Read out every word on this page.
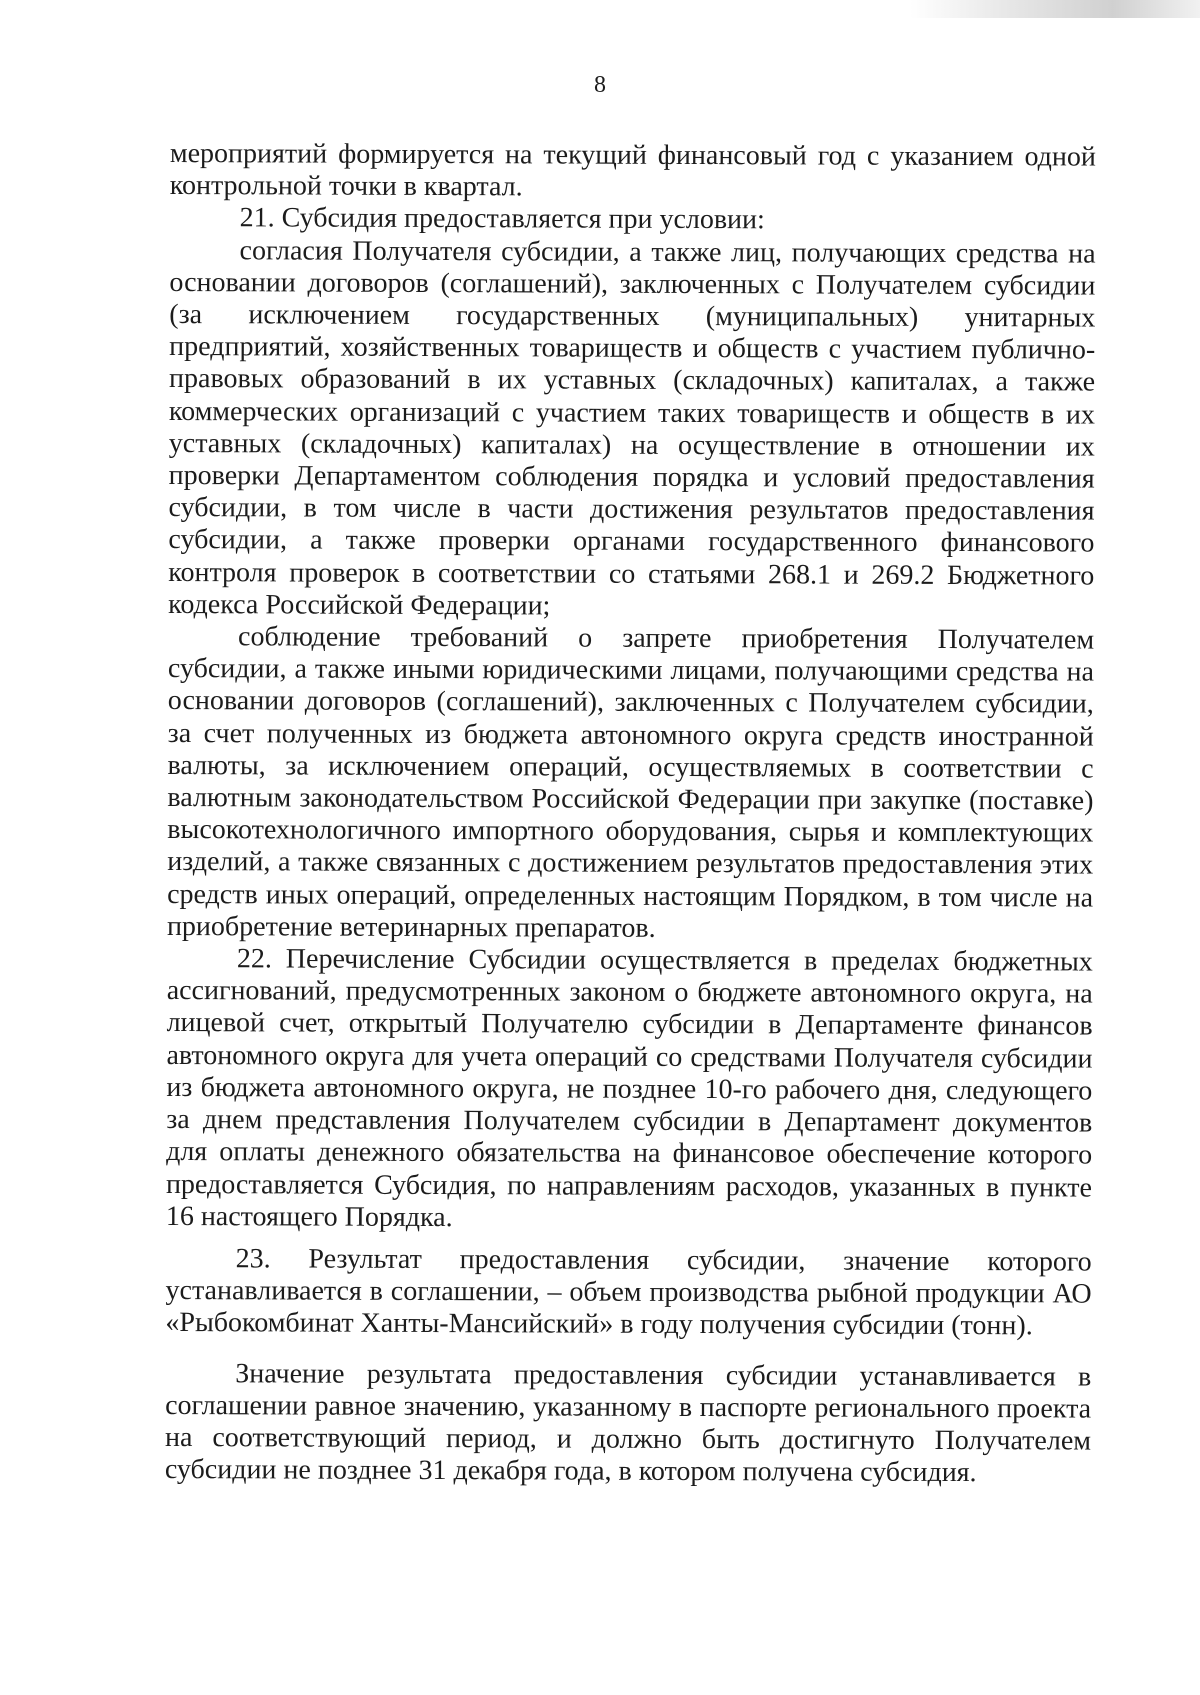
8

мероприятий формируется на текущий финансовый год с указанием одной контрольной точки в квартал.

21. Субсидия предоставляется при условии:

согласия Получателя субсидии, а также лиц, получающих средства на основании договоров (соглашений), заключенных с Получателем субсидии (за исключением государственных (муниципальных) унитарных предприятий, хозяйственных товариществ и обществ с участием публично-правовых образований в их уставных (складочных) капиталах, а также коммерческих организаций с участием таких товариществ и обществ в их уставных (складочных) капиталах) на осуществление в отношении их проверки Департаментом соблюдения порядка и условий предоставления субсидии, в том числе в части достижения результатов предоставления субсидии, а также проверки органами государственного финансового контроля проверок в соответствии со статьями 268.1 и 269.2 Бюджетного кодекса Российской Федерации;

соблюдение требований о запрете приобретения Получателем субсидии, а также иными юридическими лицами, получающими средства на основании договоров (соглашений), заключенных с Получателем субсидии, за счет полученных из бюджета автономного округа средств иностранной валюты, за исключением операций, осуществляемых в соответствии с валютным законодательством Российской Федерации при закупке (поставке) высокотехнологичного импортного оборудования, сырья и комплектующих изделий, а также связанных с достижением результатов предоставления этих средств иных операций, определенных настоящим Порядком, в том числе на приобретение ветеринарных препаратов.

22. Перечисление Субсидии осуществляется в пределах бюджетных ассигнований, предусмотренных законом о бюджете автономного округа, на лицевой счет, открытый Получателю субсидии в Департаменте финансов автономного округа для учета операций со средствами Получателя субсидии из бюджета автономного округа, не позднее 10-го рабочего дня, следующего за днем представления Получателем субсидии в Департамент документов для оплаты денежного обязательства на финансовое обеспечение которого предоставляется Субсидия, по направлениям расходов, указанных в пункте 16 настоящего Порядка.

23. Результат предоставления субсидии, значение которого устанавливается в соглашении, – объем производства рыбной продукции АО «Рыбокомбинат Ханты-Мансийский» в году получения субсидии (тонн).

Значение результата предоставления субсидии устанавливается в соглашении равное значению, указанному в паспорте регионального проекта на соответствующий период, и должно быть достигнуто Получателем субсидии не позднее 31 декабря года, в котором получена субсидия.
